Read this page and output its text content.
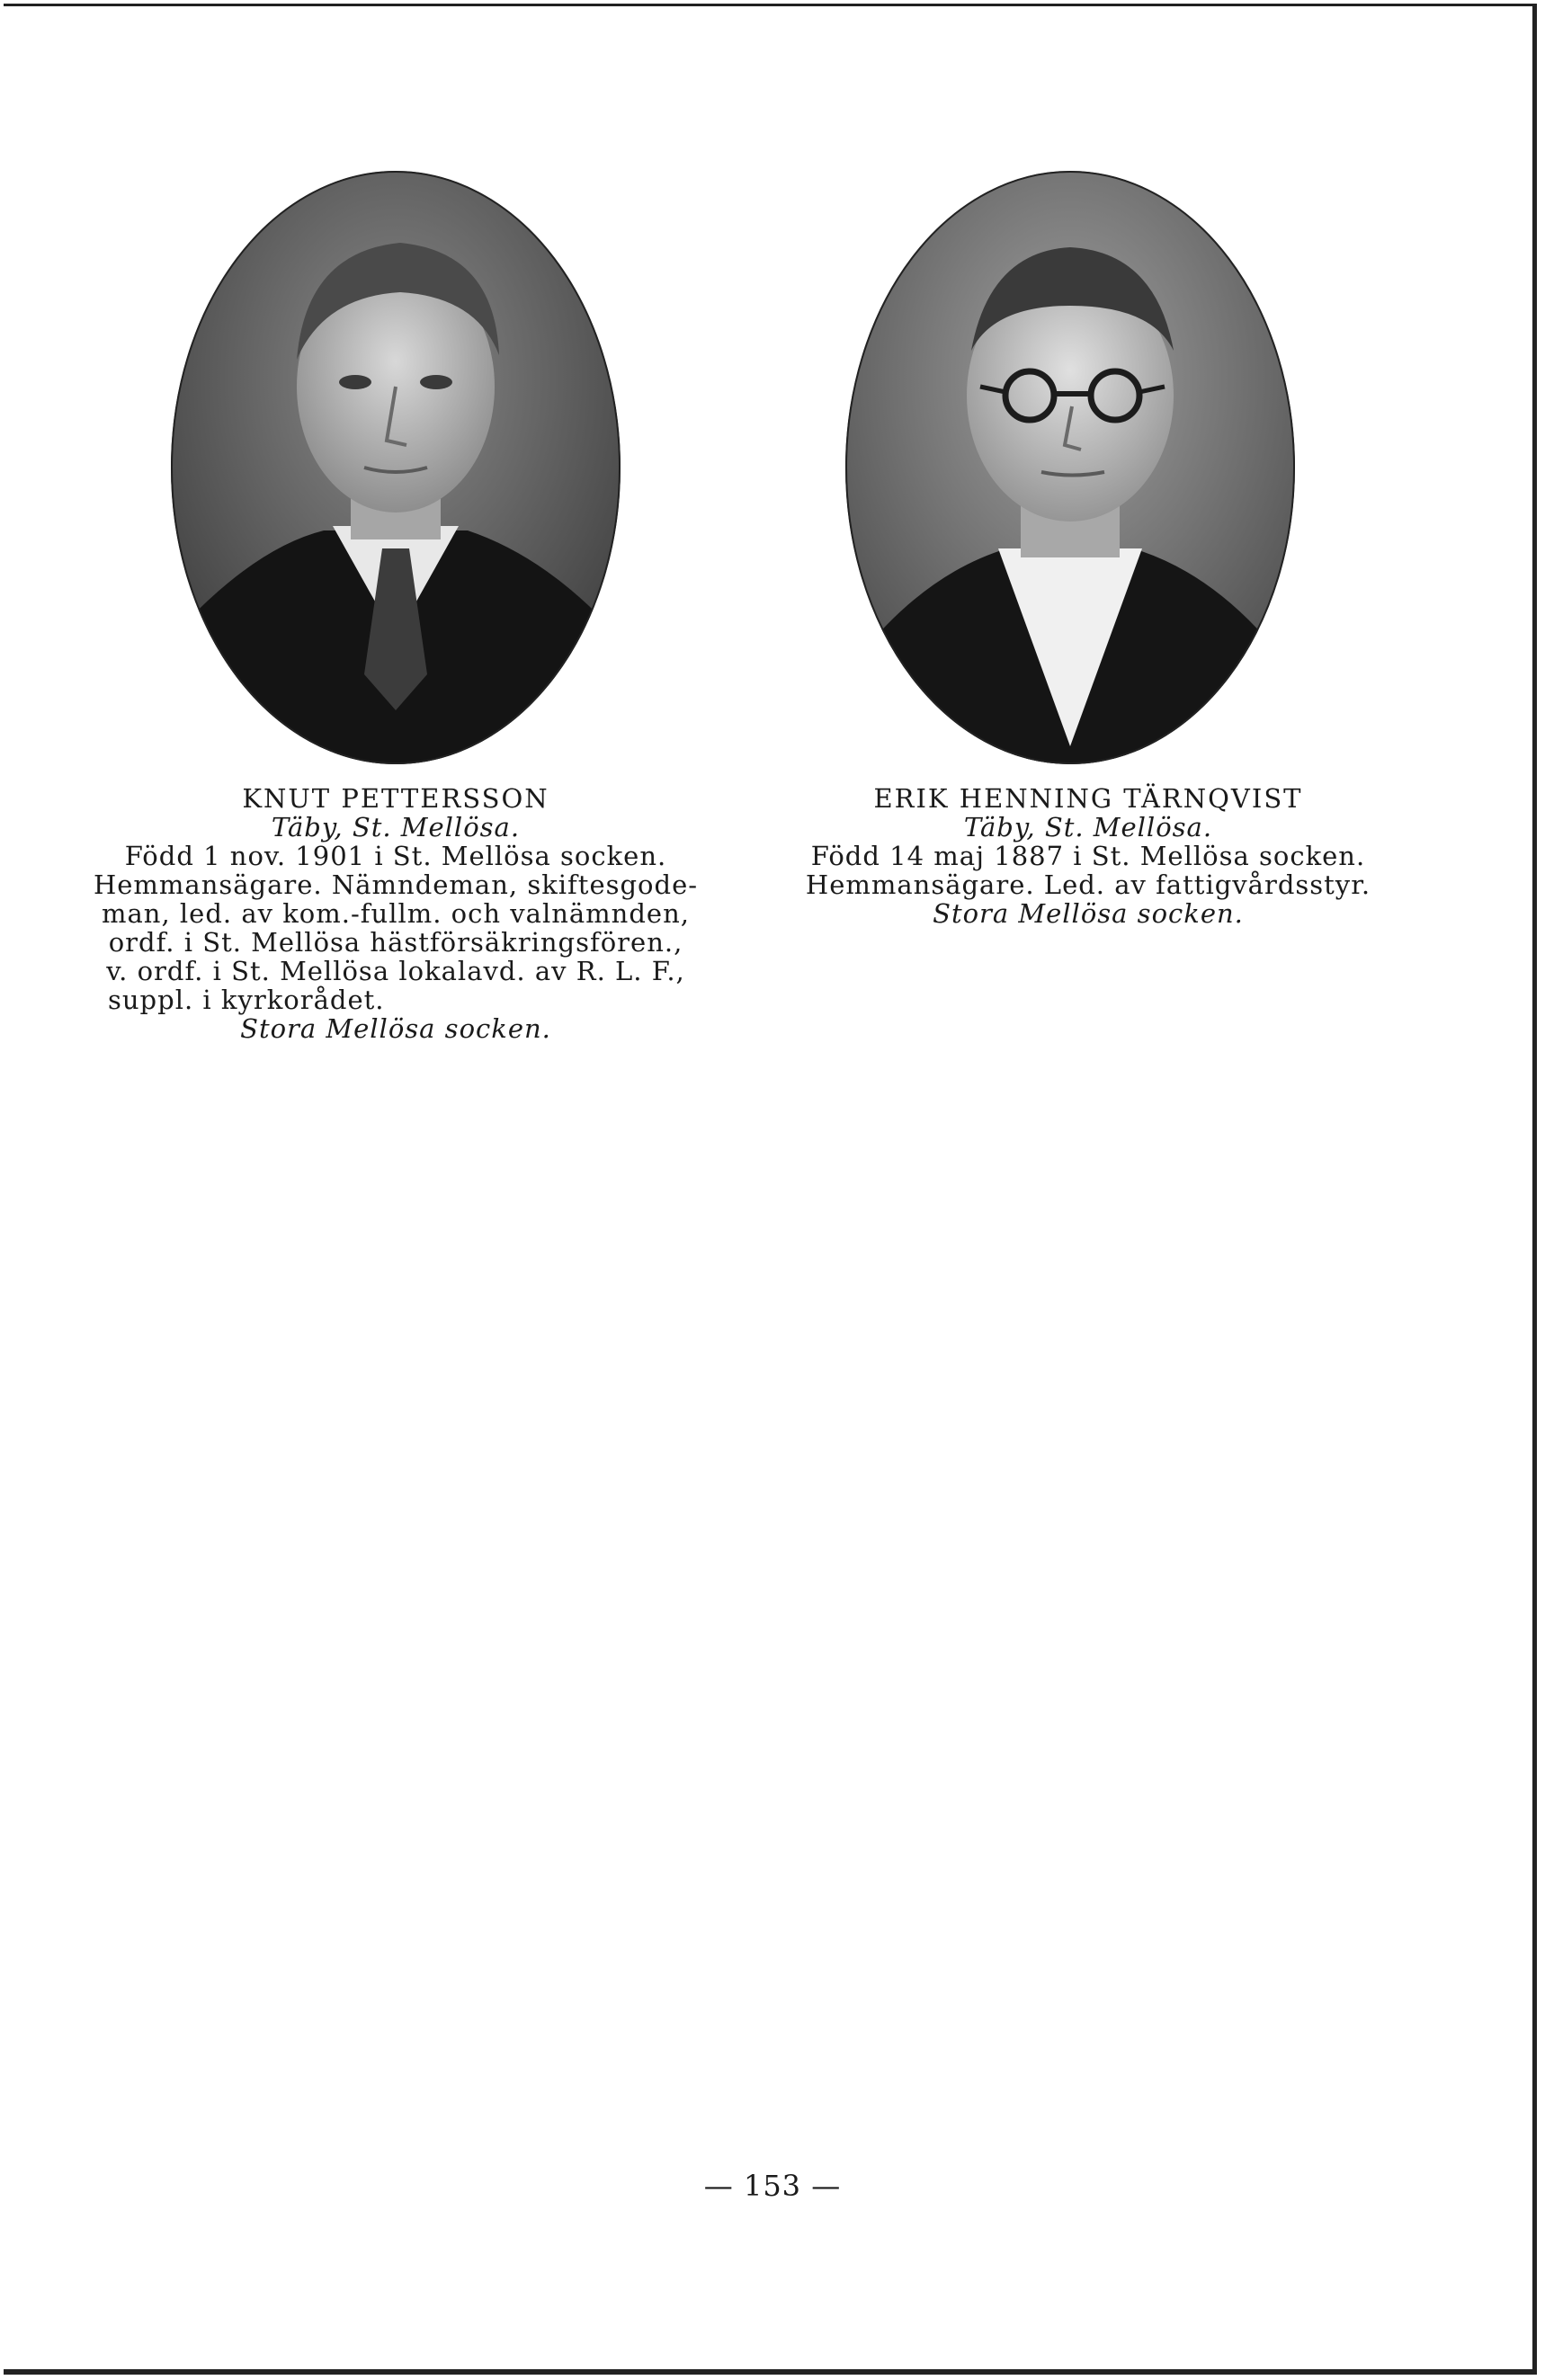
KNUT PETTERSSON
Täby, St. Mellösa.
Född 1 nov. 1901 i St. Mellösa socken.
Hemmansägare. Nämndeman, skiftesgode-
man, led. av kom.-fullm. och valnämnden,
ordf. i St. Mellösa hästförsäkringsfören.,
v. ordf. i St. Mellösa lokalavd. av R. L. F.,
suppl. i kyrkorådet.
Stora Mellösa socken.
ERIK HENNING TÄRNQVIST
Täby, St. Mellösa.
Född 14 maj 1887 i St. Mellösa socken.
Hemmansägare. Led. av fattigvårdsstyr.
Stora Mellösa socken.
— 153 —
